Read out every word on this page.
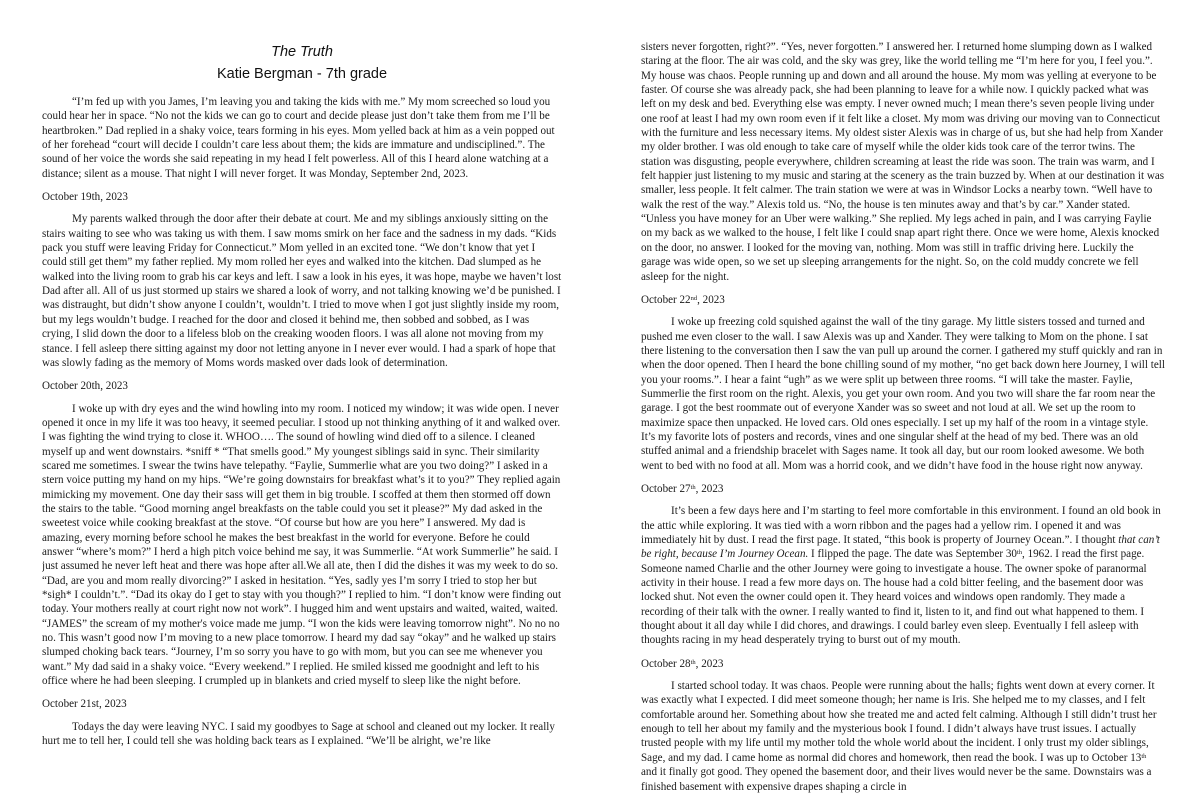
The Truth
Katie Bergman - 7th grade

“I’m fed up with you James, I’m leaving you and taking the kids with me.” My mom screeched so loud you could hear her in space. “No not the kids we can go to court and decide please just don’t take them from me I’ll be heartbroken.” Dad replied in a shaky voice, tears forming in his eyes. Mom yelled back at him as a vein popped out of her forehead “court will decide I couldn’t care less about them; the kids are immature and undisciplined.”. The sound of her voice the words she said repeating in my head I felt powerless. All of this I heard alone watching at a distance; silent as a mouse. That night I will never forget. It was Monday, September 2nd, 2023.

October 19th, 2023

My parents walked through the door after their debate at court. Me and my siblings anxiously sitting on the stairs waiting to see who was taking us with them. I saw moms smirk on her face and the sadness in my dads. “Kids pack you stuff were leaving Friday for Connecticut.” Mom yelled in an excited tone. “We don’t know that yet I could still get them” my father replied. My mom rolled her eyes and walked into the kitchen. Dad slumped as he walked into the living room to grab his car keys and left. I saw a look in his eyes, it was hope, maybe we haven’t lost Dad after all. All of us just stormed up stairs we shared a look of worry, and not talking knowing we’d be punished. I was distraught, but didn’t show anyone I couldn’t, wouldn’t. I tried to move when I got just slightly inside my room, but my legs wouldn’t budge. I reached for the door and closed it behind me, then sobbed and sobbed, as I was crying, I slid down the door to a lifeless blob on the creaking wooden floors. I was all alone not moving from my stance. I fell asleep there sitting against my door not letting anyone in I never ever would. I had a spark of hope that was slowly fading as the memory of Moms words masked over dads look of determination.

October 20th, 2023

I woke up with dry eyes and the wind howling into my room. I noticed my window; it was wide open. I never opened it once in my life it was too heavy, it seemed peculiar. I stood up not thinking anything of it and walked over. I was fighting the wind trying to close it. WHOO…. The sound of howling wind died off to a silence. I cleaned myself up and went downstairs. *sniff * “That smells good.” My youngest siblings said in sync. Their similarity scared me sometimes. I swear the twins have telepathy. “Faylie, Summerlie what are you two doing?” I asked in a stern voice putting my hand on my hips. “We’re going downstairs for breakfast what’s it to you?” They replied again mimicking my movement. One day their sass will get them in big trouble. I scoffed at them then stormed off down the stairs to the table. “Good morning angel breakfasts on the table could you set it please?” My dad asked in the sweetest voice while cooking breakfast at the stove. “Of course but how are you here” I answered. My dad is amazing, every morning before school he makes the best breakfast in the world for everyone. Before he could answer “where’s mom?” I herd a high pitch voice behind me say, it was Summerlie. “At work Summerlie” he said. I just assumed he never left heat and there was hope after all.We all ate, then I did the dishes it was my week to do so. “Dad, are you and mom really divorcing?” I asked in hesitation. “Yes, sadly yes I’m sorry I tried to stop her but *sigh* I couldn’t.”. “Dad its okay do I get to stay with you though?” I replied to him. “I don’t know were finding out today. Your mothers really at court right now not work”. I hugged him and went upstairs and waited, waited, waited. “JAMES” the scream of my mother's voice made me jump. “I won the kids were leaving tomorrow night”. No no no no. This wasn’t good now I’m moving to a new place tomorrow. I heard my dad say “okay” and he walked up stairs slumped choking back tears. “Journey, I’m so sorry you have to go with mom, but you can see me whenever you want.” My dad said in a shaky voice. “Every weekend.” I replied. He smiled kissed me goodnight and left to his office where he had been sleeping. I crumpled up in blankets and cried myself to sleep like the night before.

October 21st, 2023

Todays the day were leaving NYC. I said my goodbyes to Sage at school and cleaned out my locker. It really hurt me to tell her, I could tell she was holding back tears as I explained. “We’ll be alright, we’re like

sisters never forgotten, right?”. “Yes, never forgotten.” I answered her. I returned home slumping down as I walked staring at the floor. The air was cold, and the sky was grey, like the world telling me “I’m here for you, I feel you.”. My house was chaos. People running up and down and all around the house. My mom was yelling at everyone to be faster. Of course she was already pack, she had been planning to leave for a while now. I quickly packed what was left on my desk and bed. Everything else was empty. I never owned much; I mean there’s seven people living under one roof at least I had my own room even if it felt like a closet. My mom was driving our moving van to Connecticut with the furniture and less necessary items. My oldest sister Alexis was in charge of us, but she had help from Xander my older brother. I was old enough to take care of myself while the older kids took care of the terror twins. The station was disgusting, people everywhere, children screaming at least the ride was soon. The train was warm, and I felt happier just listening to my music and staring at the scenery as the train buzzed by. When at our destination it was smaller, less people. It felt calmer. The train station we were at was in Windsor Locks a nearby town. “Well have to walk the rest of the way.” Alexis told us. “No, the house is ten minutes away and that’s by car.” Xander stated. “Unless you have money for an Uber were walking.” She replied. My legs ached in pain, and I was carrying Faylie on my back as we walked to the house, I felt like I could snap apart right there. Once we were home, Alexis knocked on the door, no answer. I looked for the moving van, nothing. Mom was still in traffic driving here. Luckily the garage was wide open, so we set up sleeping arrangements for the night. So, on the cold muddy concrete we fell asleep for the night.

October 22nd, 2023

I woke up freezing cold squished against the wall of the tiny garage. My little sisters tossed and turned and pushed me even closer to the wall. I saw Alexis was up and Xander. They were talking to Mom on the phone. I sat there listening to the conversation then I saw the van pull up around the corner. I gathered my stuff quickly and ran in when the door opened. Then I heard the bone chilling sound of my mother, “no get back down here Journey, I will tell you your rooms.”. I hear a faint “ugh” as we were split up between three rooms. “I will take the master. Faylie, Summerlie the first room on the right. Alexis, you get your own room. And you two will share the far room near the garage. I got the best roommate out of everyone Xander was so sweet and not loud at all. We set up the room to maximize space then unpacked. He loved cars. Old ones especially. I set up my half of the room in a vintage style. It’s my favorite lots of posters and records, vines and one singular shelf at the head of my bed. There was an old stuffed animal and a friendship bracelet with Sages name. It took all day, but our room looked awesome. We both went to bed with no food at all. Mom was a horrid cook, and we didn’t have food in the house right now anyway.

October 27th, 2023

It’s been a few days here and I’m starting to feel more comfortable in this environment. I found an old book in the attic while exploring. It was tied with a worn ribbon and the pages had a yellow rim. I opened it and was immediately hit by dust. I read the first page. It stated, “this book is property of Journey Ocean.”. I thought that can’t be right, because I’m Journey Ocean. I flipped the page. The date was September 30th, 1962. I read the first page. Someone named Charlie and the other Journey were going to investigate a house. The owner spoke of paranormal activity in their house. I read a few more days on. The house had a cold bitter feeling, and the basement door was locked shut. Not even the owner could open it. They heard voices and windows open randomly. They made a recording of their talk with the owner. I really wanted to find it, listen to it, and find out what happened to them. I thought about it all day while I did chores, and drawings. I could barley even sleep. Eventually I fell asleep with thoughts racing in my head desperately trying to burst out of my mouth.

October 28th, 2023

I started school today. It was chaos. People were running about the halls; fights went down at every corner. It was exactly what I expected. I did meet someone though; her name is Iris. She helped me to my classes, and I felt comfortable around her. Something about how she treated me and acted felt calming. Although I still didn’t trust her enough to tell her about my family and the mysterious book I found. I didn’t always have trust issues. I actually trusted people with my life until my mother told the whole world about the incident. I only trust my older siblings, Sage, and my dad. I came home as normal did chores and homework, then read the book. I was up to October 13th and it finally got good. They opened the basement door, and their lives would never be the same. Downstairs was a finished basement with expensive drapes shaping a circle in
